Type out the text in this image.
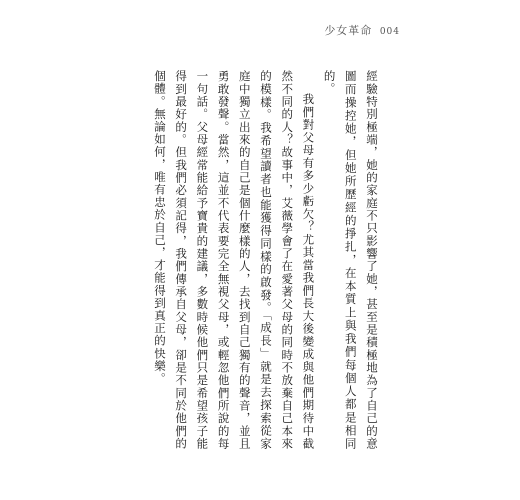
少女革命 004

經驗特別極端，她的家庭不只影響了她，甚至是積極地為了自己的意圖而操控她，但她所歷經的掙扎，在本質上與我們每個人都是相同的。

我們對父母有多少虧欠？尤其當我們長大後變成與他們期待中截然不同的人？故事中，艾薇學會了在愛著父母的同時不放棄自己本來的模樣。我希望讀者也能獲得同樣的啟發。「成長」就是去探索從家庭中獨立出來的自己是個什麼樣的人，去找到自己獨有的聲音，並且勇敢發聲。當然，這並不代表要完全無視父母，或輕忽他們所說的每一句話。父母經常能給予寶貴的建議，多數時候他們只是希望孩子能得到最好的。但我們必須記得，我們傳承自父母，卻是不同於他們的個體。無論如何，唯有忠於自己，才能得到真正的快樂。
